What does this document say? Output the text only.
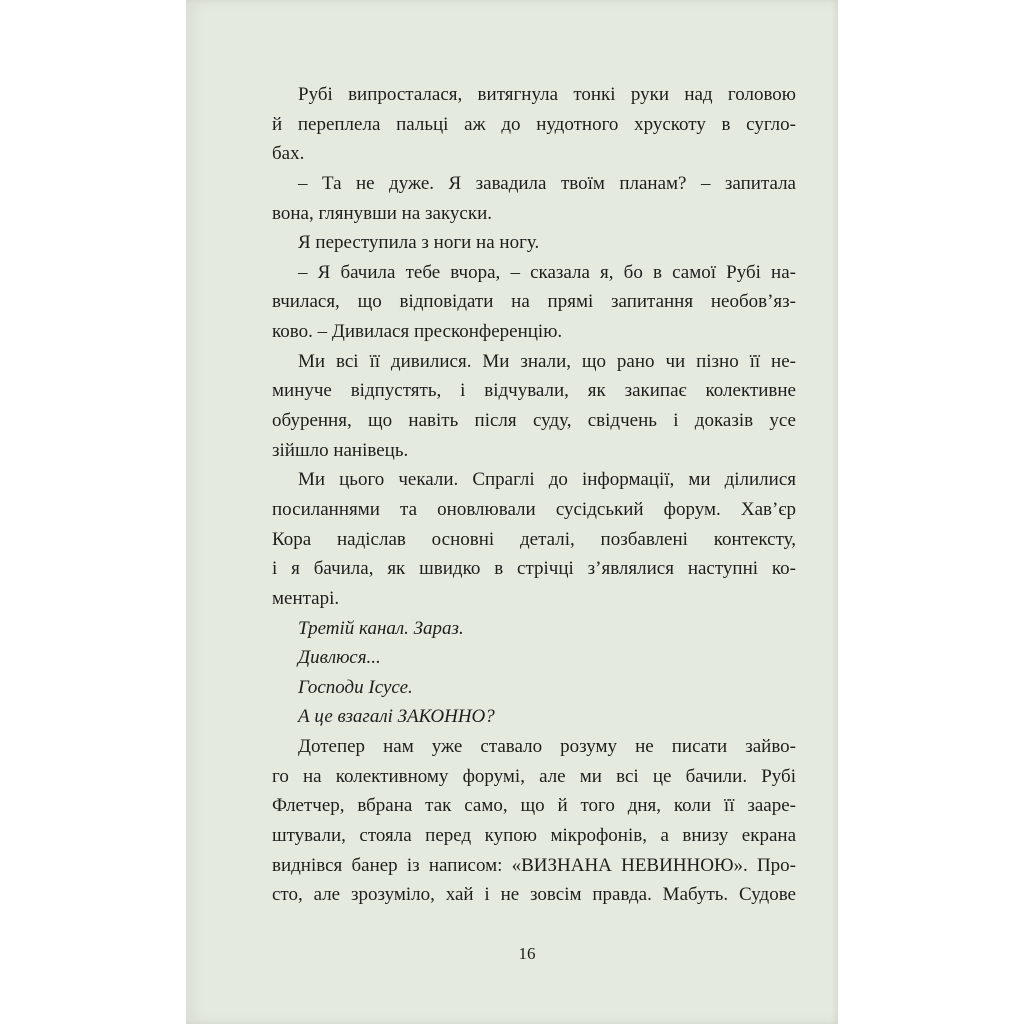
Рубі випросталася, витягнула тонкі руки над головою
й переплела пальці аж до нудотного хрускоту в сугло-
бах.
– Та не дуже. Я завадила твоїм планам? – запитала
вона, глянувши на закуски.
Я переступила з ноги на ногу.
– Я бачила тебе вчора, – сказала я, бо в самої Рубі на-
вчилася, що відповідати на прямі запитання необов’яз-
ково. – Дивилася пресконференцію.
Ми всі її дивилися. Ми знали, що рано чи пізно її не-
минуче відпустять, і відчували, як закипає колективне
обурення, що навіть після суду, свідчень і доказів усе
зійшло нанівець.
Ми цього чекали. Спраглі до інформації, ми ділилися
посиланнями та оновлювали сусідський форум. Хав’єр
Кора надіслав основні деталі, позбавлені контексту,
і я бачила, як швидко в стрічці з’являлися наступні ко-
ментарі.
Третій канал. Зараз.
Дивлюся...
Господи Ісусе.
А це взагалі ЗАКОННО?
Дотепер нам уже ставало розуму не писати зайво-
го на колективному форумі, але ми всі це бачили. Рубі
Флетчер, вбрана так само, що й того дня, коли її зааре-
штували, стояла перед купою мікрофонів, а внизу екрана
виднівся банер із написом: «ВИЗНАНА НЕВИННОЮ». Про-
сто, але зрозуміло, хай і не зовсім правда. Мабуть. Судове
16
